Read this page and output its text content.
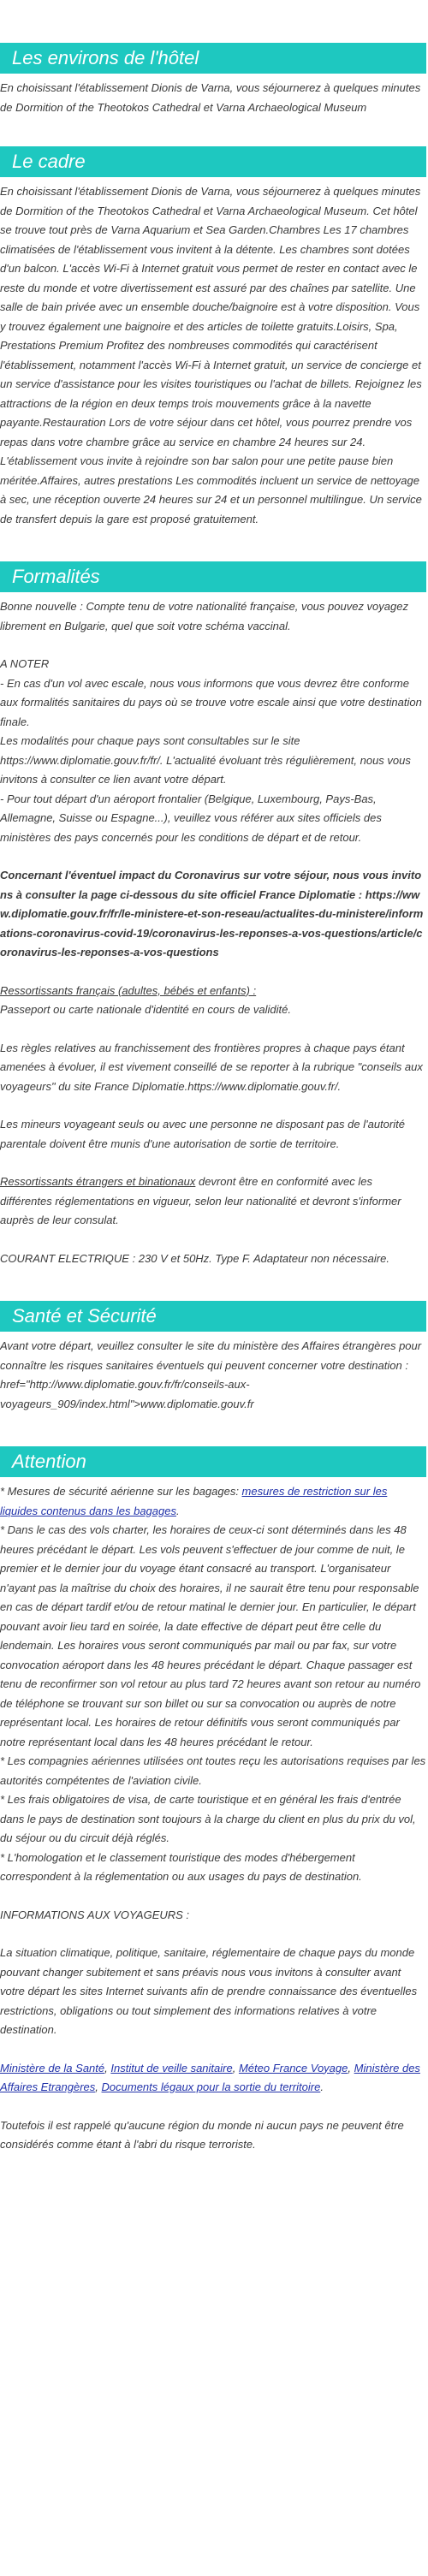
Les environs de l'hôtel

En choisissant l'établissement Dionis de Varna, vous séjournerez à quelques minutes de Dormition of the Theotokos Cathedral et Varna Archaeological Museum

Le cadre

En choisissant l'établissement Dionis de Varna, vous séjournerez à quelques minutes de Dormition of the Theotokos Cathedral et Varna Archaeological Museum. Cet hôtel se trouve tout près de Varna Aquarium et Sea Garden.Chambres Les 17 chambres climatisées de l'établissement vous invitent à la détente. Les chambres sont dotées d'un balcon. L'accès Wi-Fi à Internet gratuit vous permet de rester en contact avec le reste du monde et votre divertissement est assuré par des chaînes par satellite. Une salle de bain privée avec un ensemble douche/baignoire est à votre disposition. Vous y trouvez également une baignoire et des articles de toilette gratuits.Loisirs, Spa, Prestations Premium Profitez des nombreuses commodités qui caractérisent l'établissement, notamment l'accès Wi-Fi à Internet gratuit, un service de concierge et un service d'assistance pour les visites touristiques ou l'achat de billets. Rejoignez les attractions de la région en deux temps trois mouvements grâce à la navette payante.Restauration Lors de votre séjour dans cet hôtel, vous pourrez prendre vos repas dans votre chambre grâce au service en chambre 24 heures sur 24. L'établissement vous invite à rejoindre son bar salon pour une petite pause bien méritée.Affaires, autres prestations Les commodités incluent un service de nettoyage à sec, une réception ouverte 24 heures sur 24 et un personnel multilingue. Un service de transfert depuis la gare est proposé gratuitement.

Formalités

Bonne nouvelle : Compte tenu de votre nationalité française, vous pouvez voyagez librement en Bulgarie, quel que soit votre schéma vaccinal.

A NOTER
- En cas d'un vol avec escale, nous vous informons que vous devrez être conforme aux formalités sanitaires du pays où se trouve votre escale ainsi que votre destination finale.
Les modalités pour chaque pays sont consultables sur le site https://www.diplomatie.gouv.fr/fr/. L'actualité évoluant très régulièrement, nous vous invitons à consulter ce lien avant votre départ.
- Pour tout départ d'un aéroport frontalier (Belgique, Luxembourg, Pays-Bas, Allemagne, Suisse ou Espagne...), veuillez vous référer aux sites officiels des ministères des pays concernés pour les conditions de départ et de retour.

Concernant l'éventuel impact du Coronavirus sur votre séjour, nous vous invitons à consulter la page ci-dessous du site officiel France Diplomatie : https://www.diplomatie.gouv.fr/fr/le-ministere-et-son-reseau/actualites-du-ministere/informations-coronavirus-covid-19/coronavirus-les-reponses-a-vos-questions/article/coronavirus-les-reponses-a-vos-questions

Ressortissants français (adultes, bébés et enfants) :
Passeport ou carte nationale d'identité en cours de validité.

Les règles relatives au franchissement des frontières propres à chaque pays étant amenées à évoluer, il est vivement conseillé de se reporter à la rubrique "conseils aux voyageurs" du site France Diplomatie.https://www.diplomatie.gouv.fr/.

Les mineurs voyageant seuls ou avec une personne ne disposant pas de l'autorité parentale doivent être munis d'une autorisation de sortie de territoire.

Ressortissants étrangers et binationaux devront être en conformité avec les différentes réglementations en vigueur, selon leur nationalité et devront s'informer auprès de leur consulat.

COURANT ELECTRIQUE : 230 V et 50Hz. Type F. Adaptateur non nécessaire.

Santé et Sécurité

Avant votre départ, veuillez consulter le site du ministère des Affaires étrangères pour connaître les risques sanitaires éventuels qui peuvent concerner votre destination : href="http://www.diplomatie.gouv.fr/fr/conseils-aux-voyageurs_909/index.html">www.diplomatie.gouv.fr

Attention

* Mesures de sécurité aérienne sur les bagages: mesures de restriction sur les liquides contenus dans les bagages.

* Dans le cas des vols charter, les horaires de ceux-ci sont déterminés dans les 48 heures précédant le départ. Les vols peuvent s'effectuer de jour comme de nuit, le premier et le dernier jour du voyage étant consacré au transport. L'organisateur n'ayant pas la maîtrise du choix des horaires, il ne saurait être tenu pour responsable en cas de départ tardif et/ou de retour matinal le dernier jour. En particulier, le départ pouvant avoir lieu tard en soirée, la date effective de départ peut être celle du lendemain. Les horaires vous seront communiqués par mail ou par fax, sur votre convocation aéroport dans les 48 heures précédant le départ. Chaque passager est tenu de reconfirmer son vol retour au plus tard 72 heures avant son retour au numéro de téléphone se trouvant sur son billet ou sur sa convocation ou auprès de notre représentant local. Les horaires de retour définitifs vous seront communiqués par notre représentant local dans les 48 heures précédant le retour.
* Les compagnies aériennes utilisées ont toutes reçu les autorisations requises par les autorités compétentes de l'aviation civile.
* Les frais obligatoires de visa, de carte touristique et en général les frais d'entrée dans le pays de destination sont toujours à la charge du client en plus du prix du vol, du séjour ou du circuit déjà réglés.
* L'homologation et le classement touristique des modes d'hébergement correspondent à la réglementation ou aux usages du pays de destination.

INFORMATIONS AUX VOYAGEURS :

La situation climatique, politique, sanitaire, réglementaire de chaque pays du monde pouvant changer subitement et sans préavis nous vous invitons à consulter avant votre départ les sites Internet suivants afin de prendre connaissance des éventuelles restrictions, obligations ou tout simplement des informations relatives à votre destination.

Ministère de la Santé, Institut de veille sanitaire, Méteo France Voyage, Ministère des Affaires Etrangères, Documents légaux pour la sortie du territoire.

Toutefois il est rappelé qu'aucune région du monde ni aucun pays ne peuvent être considérés comme étant à l'abri du risque terroriste.
